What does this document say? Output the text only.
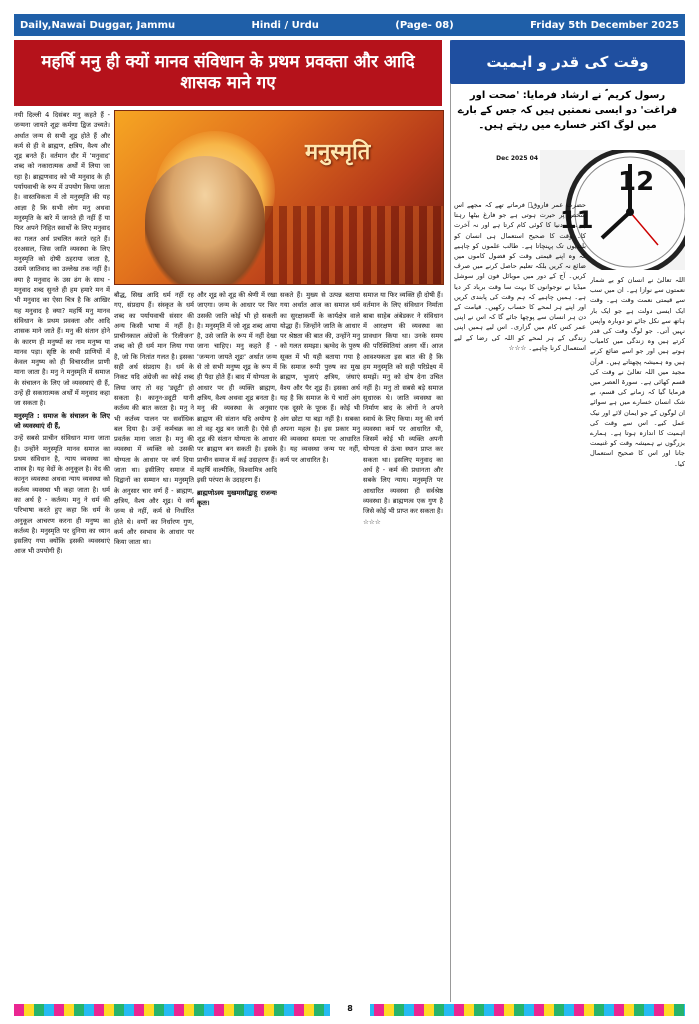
Daily,Nawai Duggar, Jammu	Hindi / Urdu	(Page- 08)	Friday 5th December 2025
महर्षि मनु ही क्यों मानव संविधान के प्रथम प्रवक्ता और आदि शासक माने गए

नयी दिल्ली 4 दिसंबर मनु कहते हैं - जन्मना जायते शूद्रः कर्मणा द्विज उच्यते। अर्थात जन्म से सभी शूद्र होते हैं और कर्म से ही वे ब्राह्मण, क्षत्रिय, वैश्य और शूद्र बनते हैं। वर्तमान दौर में 'मनुवाद' शब्द को नकारात्मक अर्थों में लिया जा रहा है। ब्राह्मणवाद को भी मनुवाद के ही पर्यायवाची के रूप में उपयोग किया जाता है। वास्तविकता में तो मनुस्मृति की यह आज्ञा है कि सभी लोग मनु अथवा मनुस्मृति के बारे में जानते ही नहीं हैं या फिर अपने निहित स्वार्थों के लिए मनुवाद का गलत अर्थ प्रचलित करते रहते हैं। दरअसल, जिस जाति व्यवस्था के लिए मनुस्मृति को दोषी ठहराया जाता है, उसमें जातिवाद का उल्लेख तक नहीं है। क्या है मनुवाद के उस ढंग के साथ - मनुवाद शब्द सुनते ही हम हमारे मन में भी मनुवाद का ऐसा चित्र है कि आखिर यह मनुवाद है क्या? महर्षि मनु मानव संविधान के प्रथम प्रवक्ता और आदि शासक माने जाते हैं। मनु की संतान होने के कारण ही मनुष्यों का नाम मनुष्य या मानव पड़ा। सृष्टि के सभी प्राणियों में केवल मनुष्य को ही विचारशील प्राणी माना जाता है। मनु ने मनुस्मृति में समाज के संचालन के लिए जो व्यवस्थाएं दी हैं, उन्हें ही सकारात्मक अर्थों में मनुवाद कहा जा सकता है।

मनुस्मृति : समाज के संचालन के लिए जो व्यवस्थाएं दी हैं,

उन्हें सबसे प्राचीन संविधान माना जाता है। उन्होंने मनुस्मृति मानव समाज का प्रथम संविधान है, न्याय व्यवस्था का शास्त्र है। यह वेदों के अनुकूल है। वेद की कानून व्यवस्था अथवा न्याय व्यवस्था को कर्तव्य व्यवस्था भी कहा जाता है। धर्म का अर्थ है - कर्तव्य। मनु ने धर्म की परिभाषा करते हुए कहा कि धर्म के अनुकूल आचरण करना ही मनुष्य का कर्तव्य है। मनुस्मृति पर दुनिया का ध्यान इसलिए गया क्योंकि इसकी व्यवस्थाएं आज भी उपयोगी हैं।

मनुस्मृति

बौद्ध, सिख आदि धर्म नहीं रह गए, संप्रदाय हैं। संस्कृत के धर्म शब्द का पर्यायवाची संसार की अन्य किसी भाषा में नहीं है। प्राचीनकाल अंग्रेजों के 'रिलीजन' शब्द को ही धर्म मान लिया गया है, जो कि नितांत गलत है। इसका सही अर्थ संप्रदाय है। धर्म के निकट यदि अंग्रेजी का कोई शब्द लिया जाए तो वह 'ड्यूटी' हो सकता है। कानून-ड्यूटी यानी कर्तव्य की बात करता है। मनु ने भी कर्तव्य पालन पर सर्वाधिक बल दिया है। उन्हें कर्मचक्र का प्रवर्तक माना जाता है। मनु की व्यवस्था में व्यक्ति को उसकी योग्यता के आधार पर वर्ण दिया जाता था। इसीलिए समाज में विद्वानों का सम्मान था। मनुस्मृति के अनुसार चार वर्ण हैं - ब्राह्मण, क्षत्रिय, वैश्य और शूद्र। ये वर्ण जन्म से नहीं, कर्म से निर्धारित होते थे। वर्णों का निर्धारण गुण, कर्म और स्वभाव के आधार पर किया जाता था।

और शूद्र को शूद्र की श्रेणी में रखा जाएगा। जन्म के आधार पर फिर उसकी जाति कोई भी हो सकती है। मनुस्मृति में जो शूद्र शब्द आया है, उसे जाति के रूप में नहीं देखा जाना चाहिए। मनु कहते हैं - 'जन्मना जायते शूद्रः' अर्थात जन्म से तो सभी मनुष्य शूद्र के रूप में ही पैदा होते हैं। बाद में योग्यता के आधार पर ही व्यक्ति ब्राह्मण, क्षत्रिय, वैश्य अथवा शूद्र बनता है। मनु की व्यवस्था के अनुसार ब्राह्मण की संतान यदि अयोग्य है तो वह शूद्र बन जाती है। ऐसे ही शूद्र की संतान योग्यता के आधार पर ब्राह्मण बन सकती है। इसके प्राचीन समाज में कई उदाहरण हैं। महर्षि वाल्मीकि, विश्वामित्र आदि इसी परंपरा के उदाहरण हैं।

ब्राह्मणोऽस्य मुखमासीद्बाहू राजन्यः कृतः।

सकते हैं। मुख्य से उत्पन्न बताया गया अर्थात आज का समाज धर्म का सुरक्षाकर्मी के कार्यक्षेत्र वाले योद्धा हैं। जिन्होंने जाति के आधार पर श्रेष्ठता की बात की, उन्होंने मनु को गलत समझा। ऋग्वेद के पुरुष सूक्त में भी यही बताया गया है कि समाज रूपी पुरुष का मुख ब्राह्मण, भुजाएं क्षत्रिय, जंघाएं वैश्य और पैर शूद्र हैं। इसका अर्थ यह है कि समाज के ये चारों अंग एक दूसरे के पूरक हैं। कोई भी अंग छोटा या बड़ा नहीं है। सबका अपना महत्व है। इस प्रकार मनु की व्यवस्था समता पर आधारित है। यह व्यवस्था जन्म पर नहीं, कर्म पर आधारित है।

समाज या फिर व्यक्ति ही दोषी हैं। वर्तमान के लिए संविधान निर्माता बाबा साहेब अंबेडकर ने संविधान में आरक्षण की व्यवस्था का प्रावधान किया था। उनके समय की परिस्थितियां अलग थीं। आज आवश्यकता इस बात की है कि हम मनुस्मृति को सही परिप्रेक्ष्य में समझें। मनु को दोष देना उचित नहीं है। मनु तो सबसे बड़े समाज सुधारक थे। जाति व्यवस्था का निर्माण बाद के लोगों ने अपने स्वार्थ के लिए किया। मनु की वर्ण व्यवस्था कर्म पर आधारित थी, जिसमें कोई भी व्यक्ति अपनी योग्यता से ऊंचा स्थान प्राप्त कर सकता था। इसलिए मनुवाद का अर्थ है - कर्म की प्रधानता और सबके लिए न्याय। मनुस्मृति पर आधारित व्यवस्था ही सर्वश्रेष्ठ व्यवस्था है। ब्राह्मणत्व एक गुण है जिसे कोई भी प्राप्त कर सकता है। ☆☆☆

وقت کی قدر و اہمیت
رسول کریم ؐ نے ارشاد فرمایا: 'صحت اور فراغت' دو ایسی نعمتیں ہیں کہ جس کے بارے میں لوگ اکثر خسارے میں رہتے ہیں۔
04 Dec 2025
12
11

اللہ تعالیٰ نے انسان کو بے شمار نعمتوں سے نوازا ہے۔ ان میں سب سے قیمتی نعمت وقت ہے۔ وقت ایک ایسی دولت ہے جو ایک بار ہاتھ سے نکل جائے تو دوبارہ واپس نہیں آتی۔ جو لوگ وقت کی قدر کرتے ہیں وہ زندگی میں کامیاب ہوتے ہیں اور جو اسے ضائع کرتے ہیں وہ ہمیشہ پچھتاتے ہیں۔ قرآن مجید میں اللہ تعالیٰ نے وقت کی قسم کھائی ہے۔ سورۃ العصر میں فرمایا گیا کہ زمانے کی قسم، بے شک انسان خسارے میں ہے سوائے ان لوگوں کے جو ایمان لائے اور نیک عمل کیے۔ اس سے وقت کی اہمیت کا اندازہ ہوتا ہے۔ ہمارے بزرگوں نے ہمیشہ وقت کو غنیمت جانا اور اس کا صحیح استعمال کیا۔

حضرت عمر فاروقؓ فرماتے تھے کہ مجھے اس شخص پر حیرت ہوتی ہے جو فارغ بیٹھا رہتا ہے۔ نہ دنیا کا کوئی کام کرتا ہے اور نہ آخرت کا۔ وقت کا صحیح استعمال ہی انسان کو بلندیوں تک پہنچاتا ہے۔ طالب علموں کو چاہیے کہ وہ اپنے قیمتی وقت کو فضول کاموں میں ضائع نہ کریں بلکہ تعلیم حاصل کرنے میں صرف کریں۔ آج کے دور میں موبائل فون اور سوشل میڈیا نے نوجوانوں کا بہت سا وقت برباد کر دیا ہے۔ ہمیں چاہیے کہ ہم وقت کی پابندی کریں اور اپنے ہر لمحے کا حساب رکھیں۔ قیامت کے دن ہر انسان سے پوچھا جائے گا کہ اس نے اپنی عمر کس کام میں گزاری۔ اس لیے ہمیں اپنی زندگی کے ہر لمحے کو اللہ کی رضا کے لیے استعمال کرنا چاہیے۔ ☆☆☆

8
